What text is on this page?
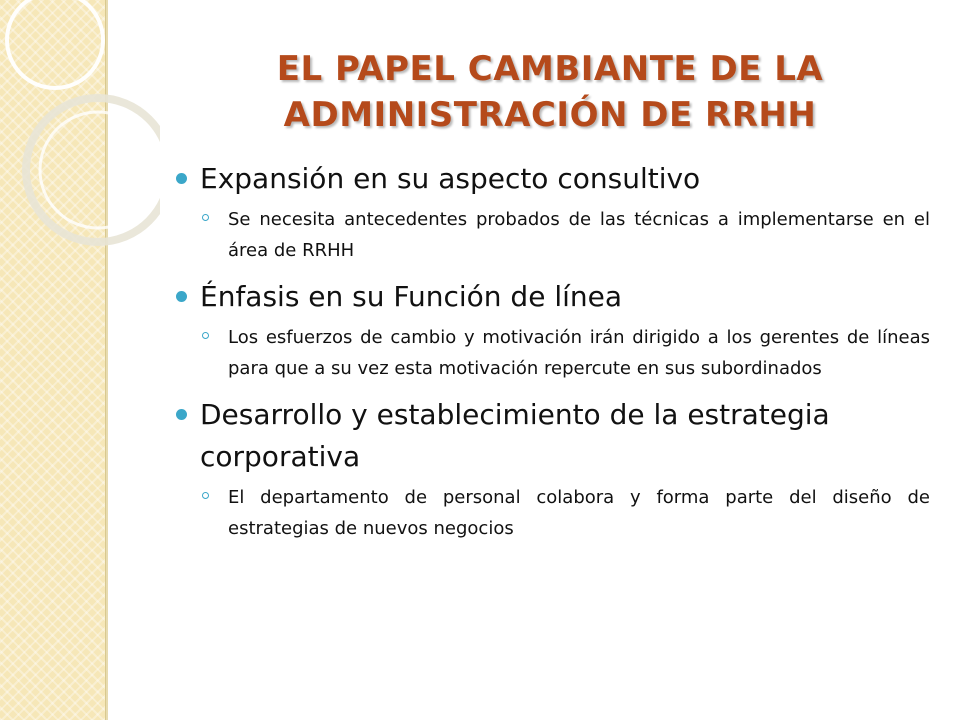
EL PAPEL CAMBIANTE DE LA ADMINISTRACIÓN DE RRHH
Expansión en su aspecto consultivo
Se necesita antecedentes probados de las técnicas a implementarse en el área de RRHH
Énfasis en su Función de línea
Los esfuerzos de cambio y motivación irán dirigido a los gerentes de líneas para que a su vez esta motivación repercute en sus subordinados
Desarrollo y establecimiento de la estrategia corporativa
El departamento de personal colabora y forma parte del diseño de estrategias de nuevos negocios
